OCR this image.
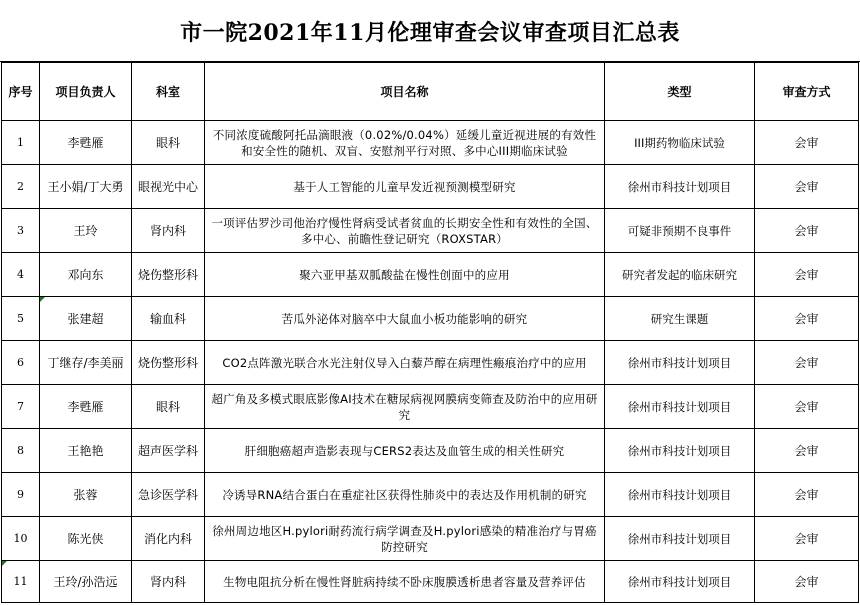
市一院2021年11月伦理审查会议审查项目汇总表
序号	项目负责人	科室	项目名称	类型	审查方式
1	李甦雁	眼科	不同浓度硫酸阿托品滴眼液（0.02%/0.04%）延缓儿童近视进展的有效性和安全性的随机、双盲、安慰剂平行对照、多中心III期临床试验	III期药物临床试验	会审
2	王小娟/丁大勇	眼视光中心	基于人工智能的儿童早发近视预测模型研究	徐州市科技计划项目	会审
3	王玲	肾内科	一项评估罗沙司他治疗慢性肾病受试者贫血的长期安全性和有效性的全国、多中心、前瞻性登记研究（ROXSTAR）	可疑非预期不良事件	会审
4	邓向东	烧伤整形科	聚六亚甲基双胍酸盐在慢性创面中的应用	研究者发起的临床研究	会审
5	张建超	输血科	苦瓜外泌体对脑卒中大鼠血小板功能影响的研究	研究生课题	会审
6	丁继存/李美丽	烧伤整形科	CO2点阵激光联合水光注射仪导入白藜芦醇在病理性瘢痕治疗中的应用	徐州市科技计划项目	会审
7	李甦雁	眼科	超广角及多模式眼底影像AI技术在糖尿病视网膜病变筛查及防治中的应用研究	徐州市科技计划项目	会审
8	王艳艳	超声医学科	肝细胞癌超声造影表现与CERS2表达及血管生成的相关性研究	徐州市科技计划项目	会审
9	张蓉	急诊医学科	冷诱导RNA结合蛋白在重症社区获得性肺炎中的表达及作用机制的研究	徐州市科技计划项目	会审
10	陈光侠	消化内科	徐州周边地区H.pylori耐药流行病学调查及H.pylori感染的精准治疗与胃癌防控研究	徐州市科技计划项目	会审
11	王玲/孙浩远	肾内科	生物电阻抗分析在慢性肾脏病持续不卧床腹膜透析患者容量及营养评估	徐州市科技计划项目	会审
